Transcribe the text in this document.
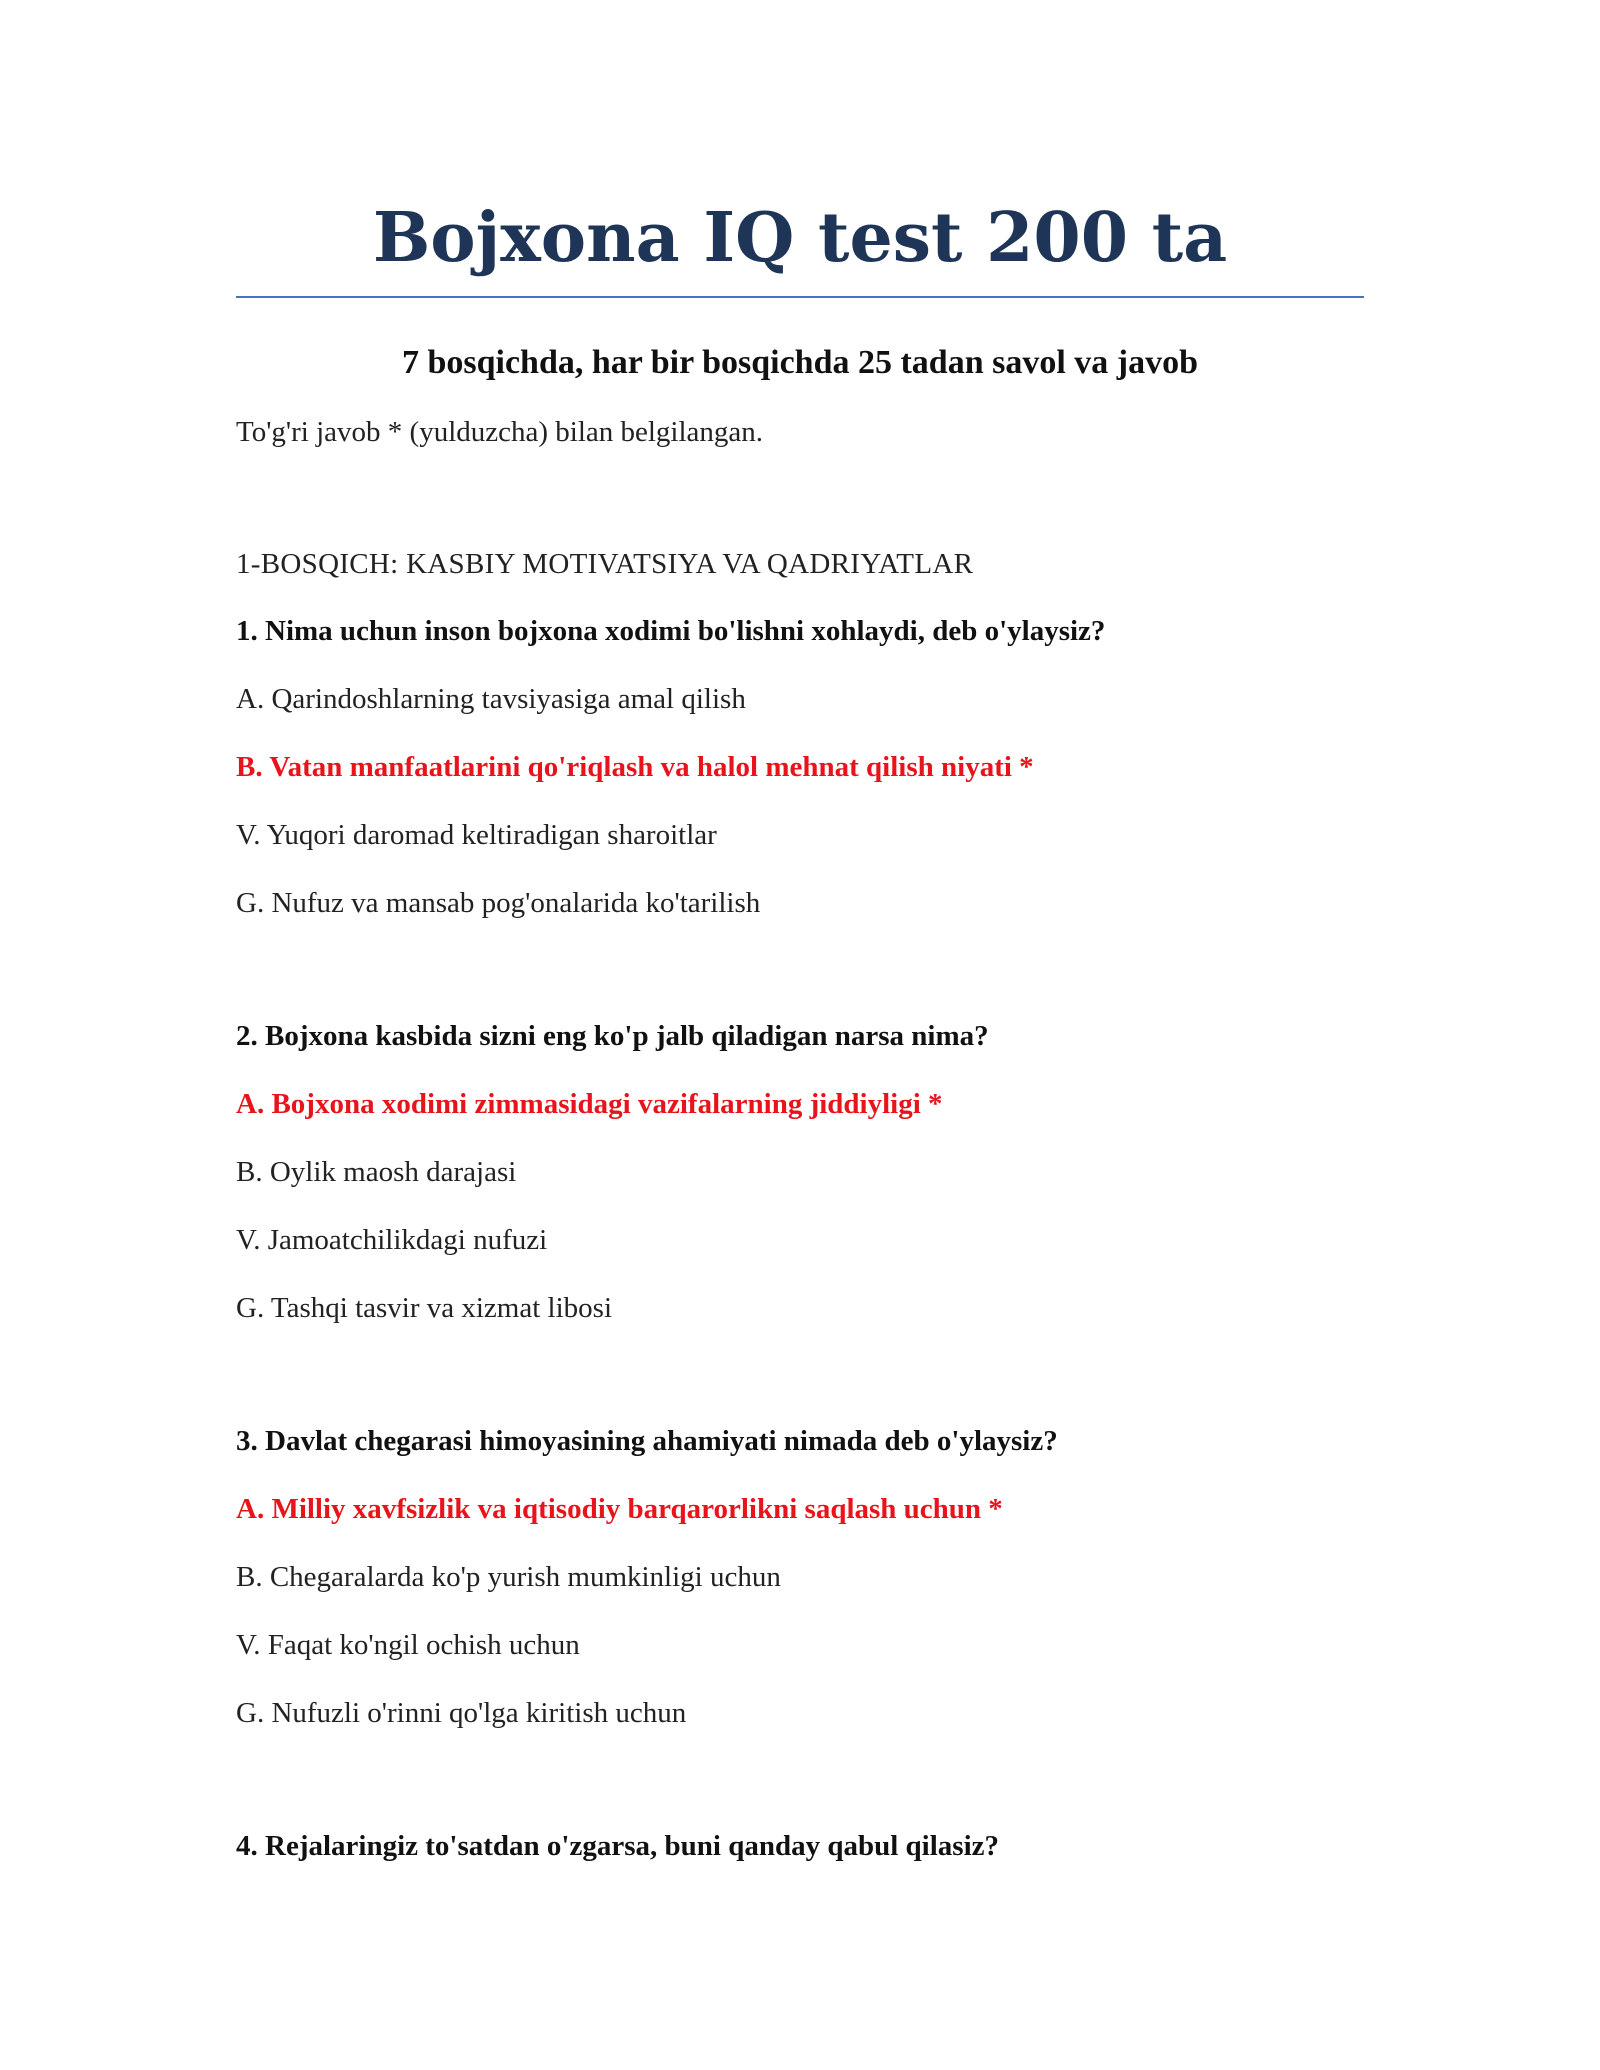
Bojxona IQ test 200 ta
7 bosqichda, har bir bosqichda 25 tadan savol va javob
To'g'ri javob * (yulduzcha) bilan belgilangan.
1-BOSQICH: KASBIY MOTIVATSIYA VA QADRIYATLAR
1. Nima uchun inson bojxona xodimi bo'lishni xohlaydi, deb o'ylaysiz?
A. Qarindoshlarning tavsiyasiga amal qilish
B. Vatan manfaatlarini qo'riqlash va halol mehnat qilish niyati *
V. Yuqori daromad keltiradigan sharoitlar
G. Nufuz va mansab pog'onalarida ko'tarilish
2. Bojxona kasbida sizni eng ko'p jalb qiladigan narsa nima?
A. Bojxona xodimi zimmasidagi vazifalarning jiddiyligi *
B. Oylik maosh darajasi
V. Jamoatchilikdagi nufuzi
G. Tashqi tasvir va xizmat libosi
3. Davlat chegarasi himoyasining ahamiyati nimada deb o'ylaysiz?
A. Milliy xavfsizlik va iqtisodiy barqarorlikni saqlash uchun *
B. Chegaralarda ko'p yurish mumkinligi uchun
V. Faqat ko'ngil ochish uchun
G. Nufuzli o'rinni qo'lga kiritish uchun
4. Rejalaringiz to'satdan o'zgarsa, buni qanday qabul qilasiz?
